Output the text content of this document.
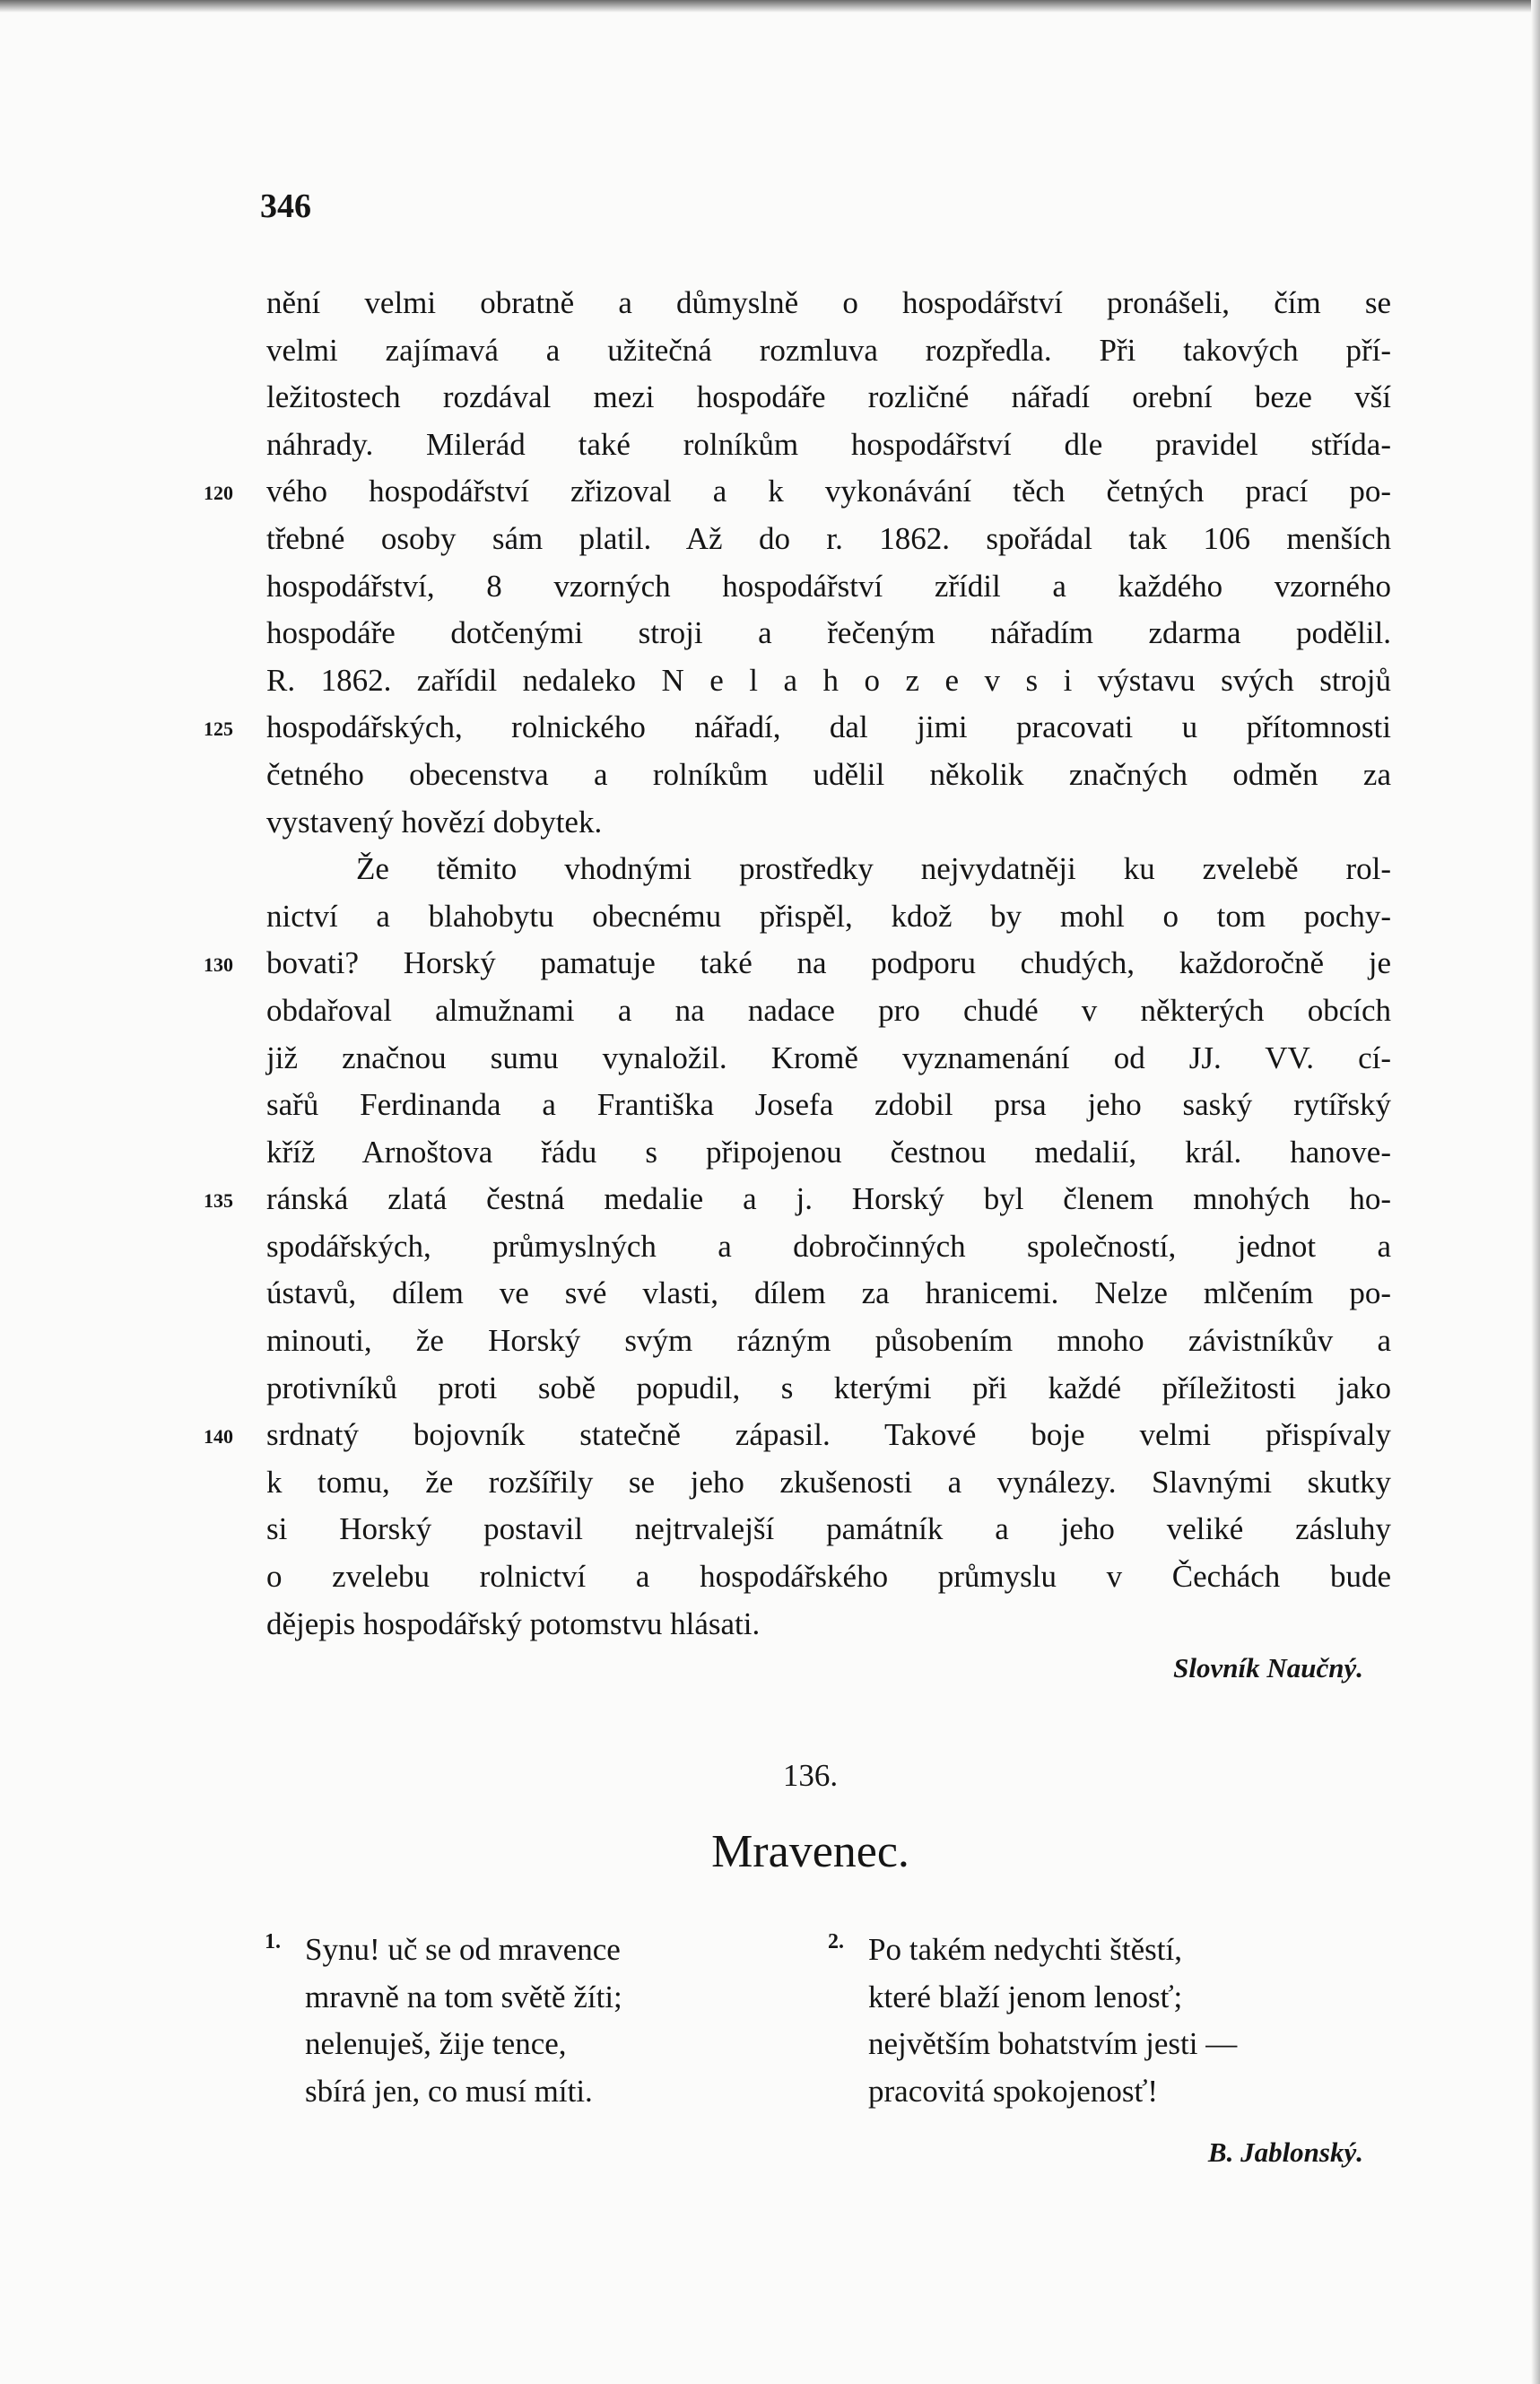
346
nění velmi obratně a důmyslně o hospodářství pronášeli, čím se
velmi zajímavá a užitečná rozmluva rozpředla. Při takových pří-
ležitostech rozdával mezi hospodáře rozličné nářadí orební beze vší
náhrady. Milerád také rolníkům hospodářství dle pravidel střída-
vého hospodářství zřizoval a k vykonávání těch četných prací po-
120
třebné osoby sám platil. Až do r. 1862. spořádal tak 106 menších
hospodářství, 8 vzorných hospodářství zřídil a každého vzorného
hospodáře dotčenými stroji a řečeným nářadím zdarma podělil.
R. 1862. zařídil nedaleko N e l a h o z e v s i výstavu svých strojů
hospodářských, rolnického nářadí, dal jimi pracovati u přítomnosti
125
četného obecenstva a rolníkům udělil několik značných odměn za
vystavený hovězí dobytek.
Že těmito vhodnými prostředky nejvydatněji ku zvelebě rol-
nictví a blahobytu obecnému přispěl, kdož by mohl o tom pochy-
bovati? Horský pamatuje také na podporu chudých, každoročně je
130
obdařoval almužnami a na nadace pro chudé v některých obcích
již značnou sumu vynaložil. Kromě vyznamenání od JJ. VV. cí-
sařů Ferdinanda a Františka Josefa zdobil prsa jeho saský rytířský
kříž Arnoštova řádu s připojenou čestnou medalií, král. hanove-
ránská zlatá čestná medalie a j. Horský byl členem mnohých ho-
135
spodářských, průmyslných a dobročinných společností, jednot a
ústavů, dílem ve své vlasti, dílem za hranicemi. Nelze mlčením po-
minouti, že Horský svým rázným působením mnoho závistníkův a
protivníků proti sobě popudil, s kterými při každé příležitosti jako
srdnatý bojovník statečně zápasil. Takové boje velmi přispívaly
140
k tomu, že rozšířily se jeho zkušenosti a vynálezy. Slavnými skutky
si Horský postavil nejtrvalejší památník a jeho veliké zásluhy
o zvelebu rolnictví a hospodářského průmyslu v Čechách bude
dějepis hospodářský potomstvu hlásati.
Slovník Naučný.
136.
Mravenec.
1. Synu! uč se od mravence
mravně na tom světě žíti;
nelenuješ, žije tence,
sbírá jen, co musí míti.
2. Po takém nedychti štěstí,
které blaží jenom lenosť;
největším bohatstvím jesti —
pracovitá spokojenosť!
B. Jablonský.
